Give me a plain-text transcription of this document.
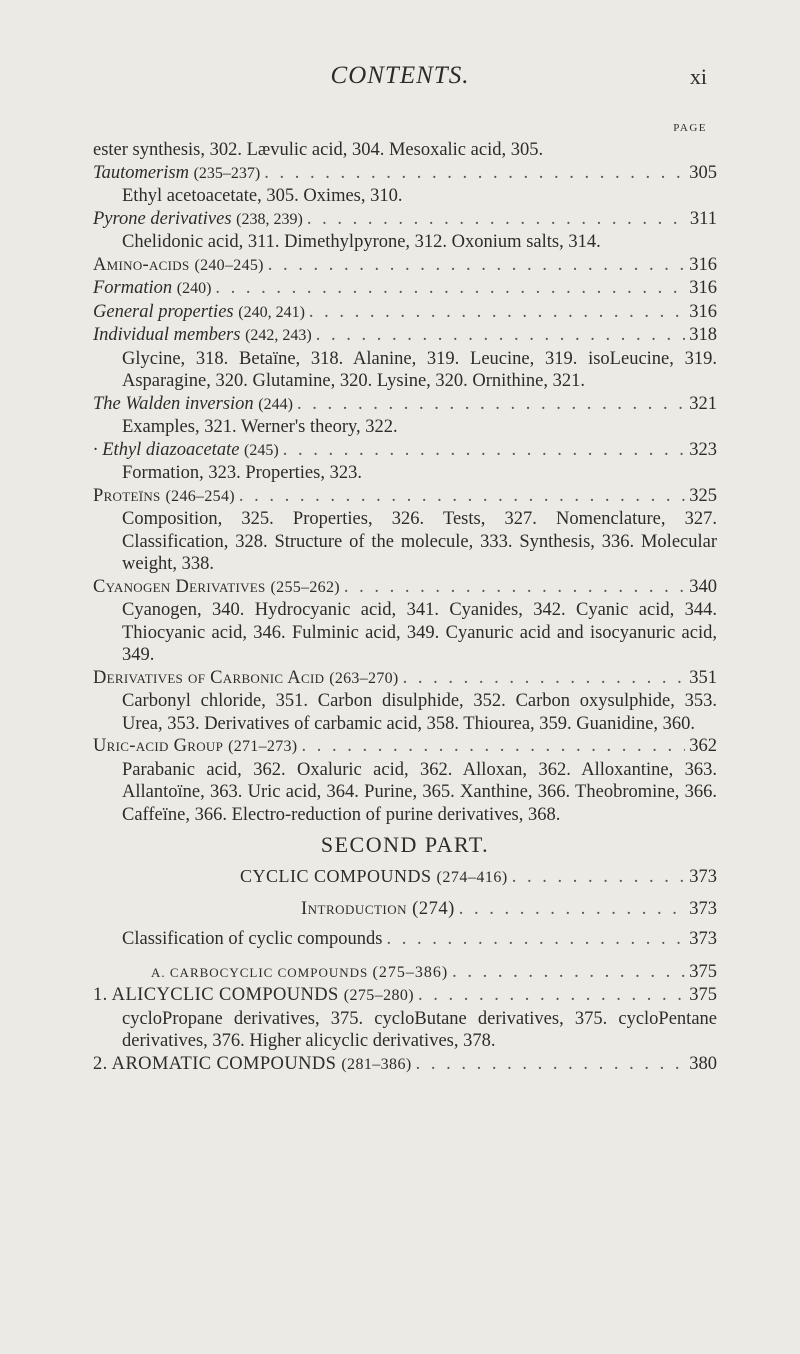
CONTENTS.	xi
PAGE
ester synthesis, 302. Lævulic acid, 304. Mesoxalic acid, 305.
Tautomerism (235–237) . . .	305
Ethyl acetoacetate, 305. Oximes, 310.
Pyrone derivatives (238, 239) . . .	311
Chelidonic acid, 311. Dimethylpyrone, 312. Oxonium salts, 314.
Amino-acids (240–245) . . .	316
Formation (240) . . .	316
General properties (240, 241) . . .	316
Individual members (242, 243) . . .	318
Glycine, 318. Betaïne, 318. Alanine, 319. Leucine, 319. isoLeucine, 319. Asparagine, 320. Glutamine, 320. Lysine, 320. Ornithine, 321.
The Walden inversion (244) . . .	321
Examples, 321. Werner's theory, 322.
· Ethyl diazoacetate (245) . . .	323
Formation, 323. Properties, 323.
Proteïns (246–254) . . .	325
Composition, 325. Properties, 326. Tests, 327. Nomenclature, 327. Classification, 328. Structure of the molecule, 333. Synthesis, 336. Molecular weight, 338.
Cyanogen Derivatives (255–262) . . .	340
Cyanogen, 340. Hydrocyanic acid, 341. Cyanides, 342. Cyanic acid, 344. Thiocyanic acid, 346. Fulminic acid, 349. Cyanuric acid and isocyanuric acid, 349.
Derivatives of Carbonic Acid (263–270) . . .	351
Carbonyl chloride, 351. Carbon disulphide, 352. Carbon oxysulphide, 353. Urea, 353. Derivatives of carbamic acid, 358. Thiourea, 359. Guanidine, 360.
Uric-acid Group (271–273) . . .	362
Parabanic acid, 362. Oxaluric acid, 362. Alloxan, 362. Alloxantine, 363. Allantoïne, 363. Uric acid, 364. Purine, 365. Xanthine, 366. Theobromine, 366. Caffeïne, 366. Electro-reduction of purine derivatives, 368.
SECOND PART.
CYCLIC COMPOUNDS (274–416) . . .	373
Introduction (274) . . .	373
Classification of cyclic compounds . . .	373
A. CARBOCYCLIC COMPOUNDS (275–386) . . .	375
1. ALICYCLIC COMPOUNDS (275–280) . . .	375
cycloPropane derivatives, 375. cycloButane derivatives, 375. cycloPentane derivatives, 376. Higher alicyclic derivatives, 378.
2. AROMATIC COMPOUNDS (281–386) . . .	380
